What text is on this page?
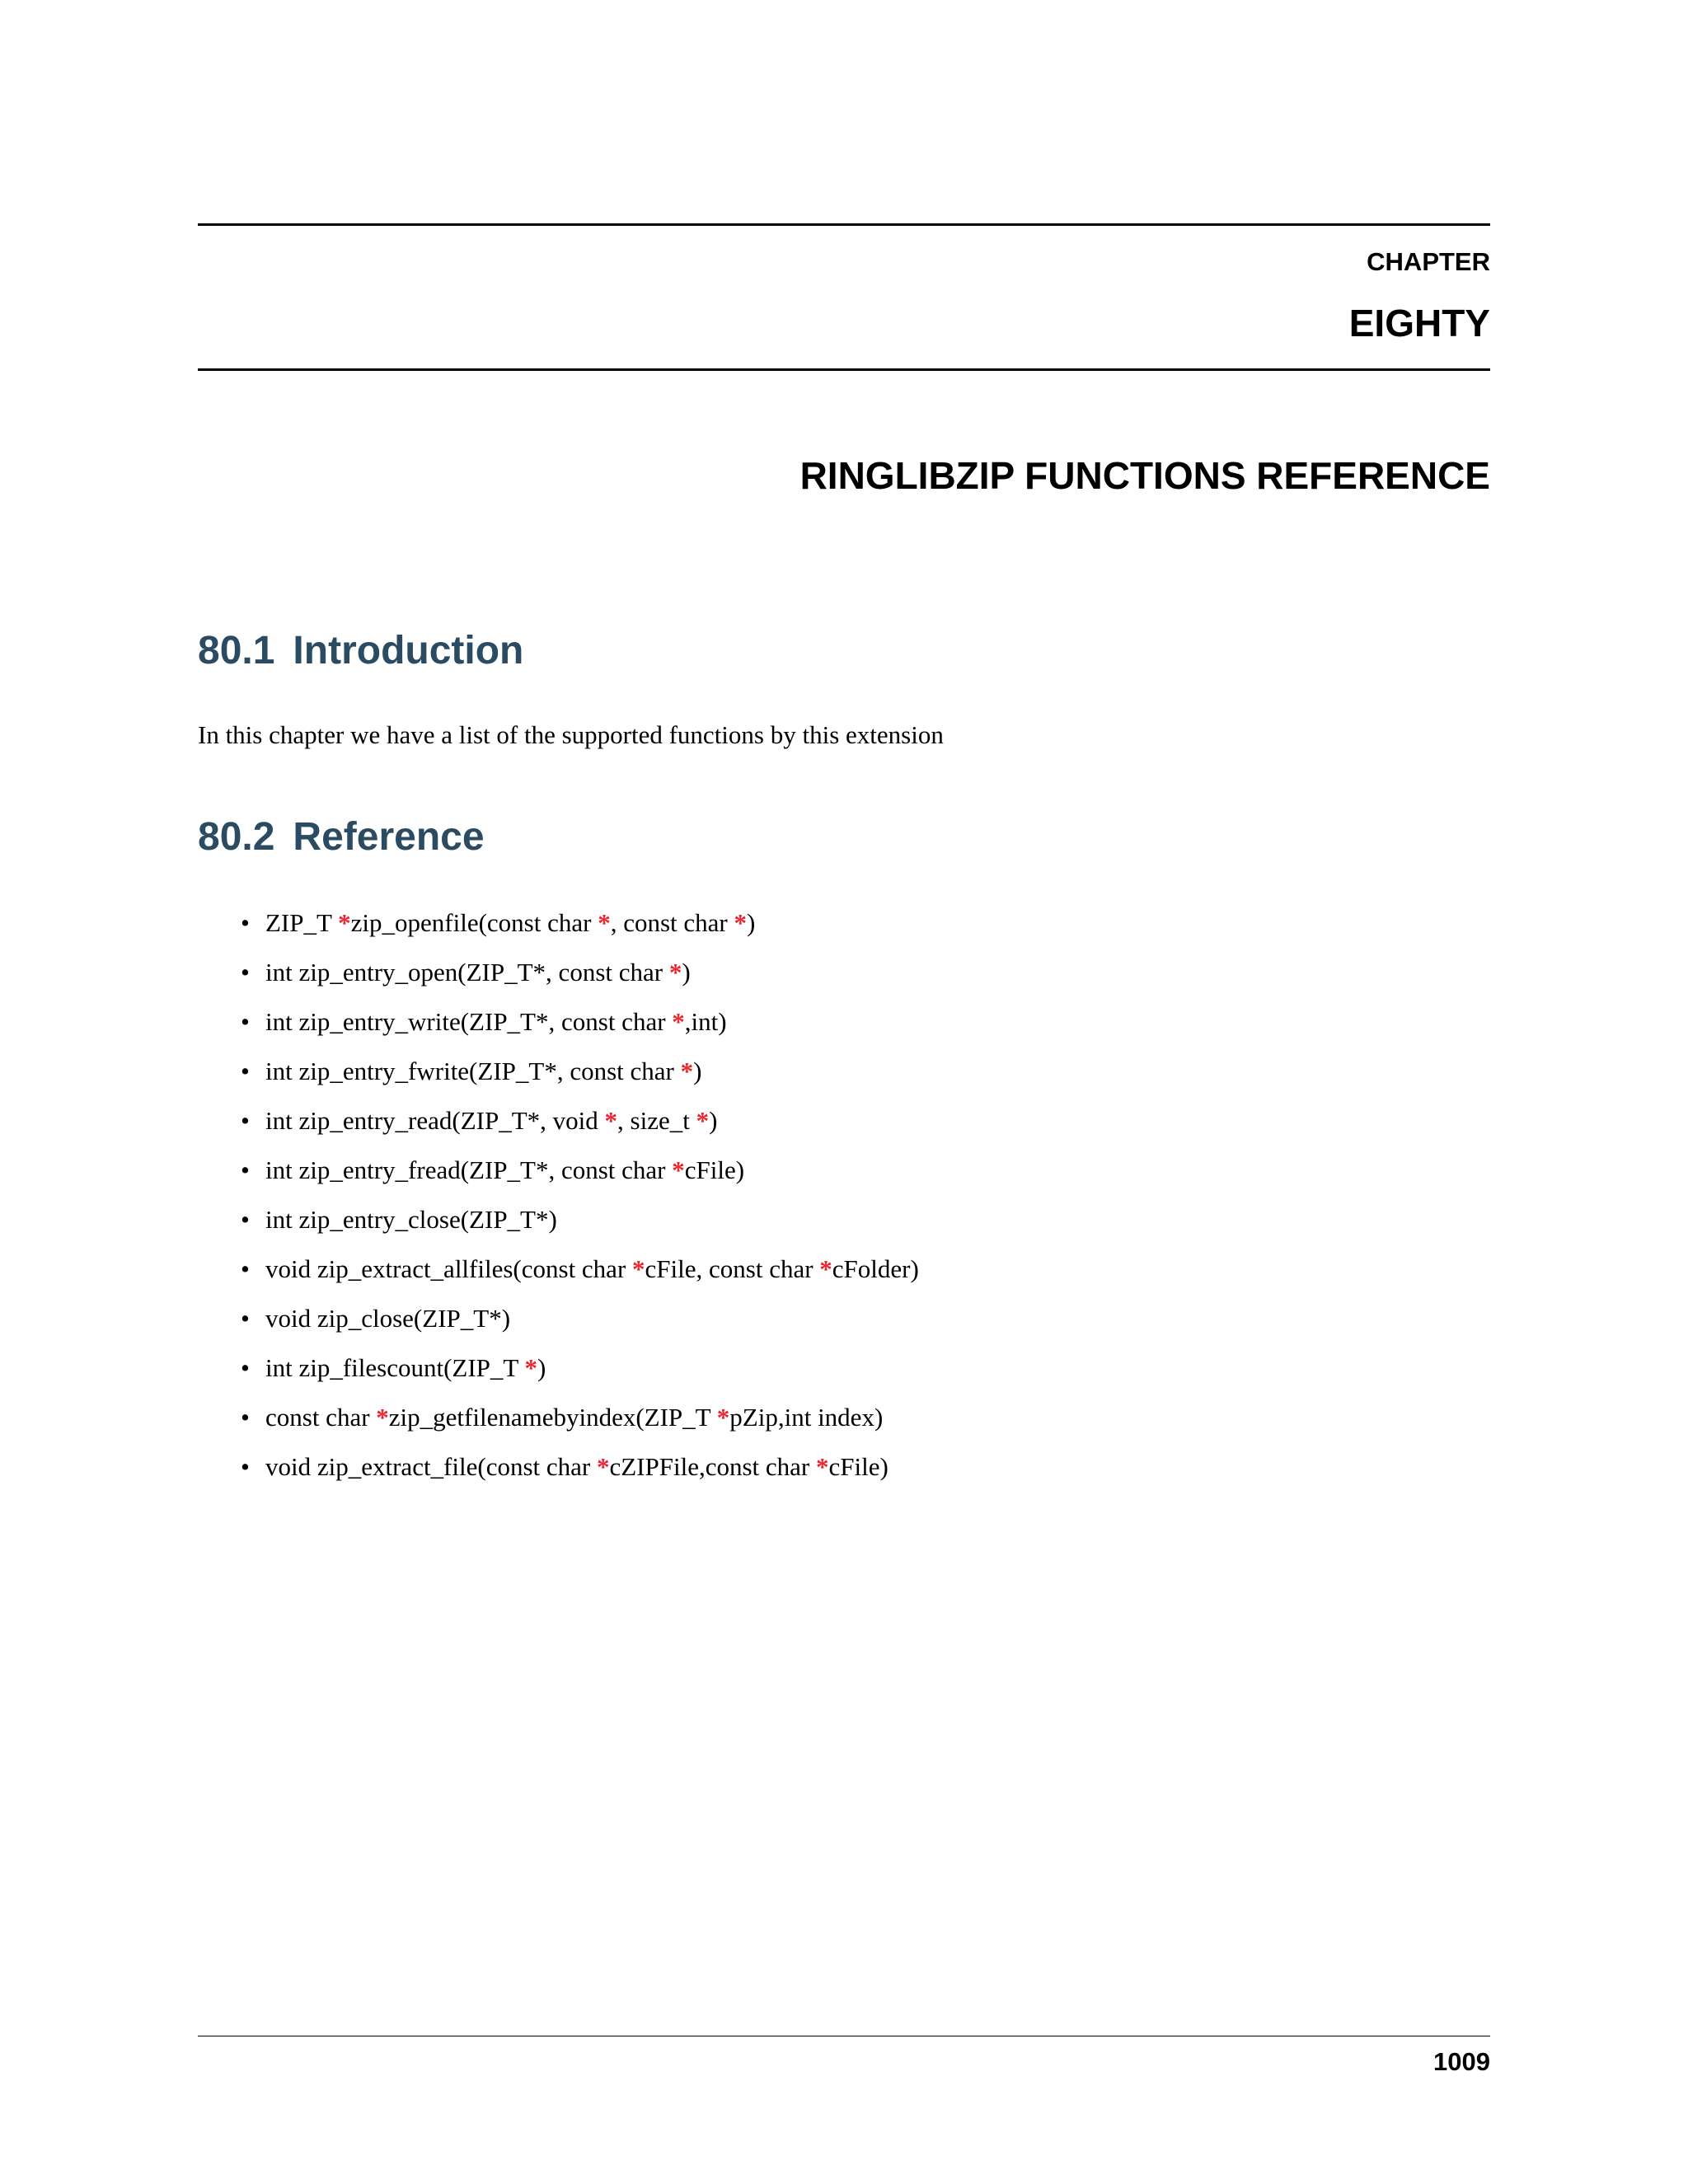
CHAPTER
EIGHTY
RINGLIBZIP FUNCTIONS REFERENCE
80.1 Introduction
In this chapter we have a list of the supported functions by this extension
80.2 Reference
• ZIP_T *zip_openfile(const char *, const char *)
• int zip_entry_open(ZIP_T*, const char *)
• int zip_entry_write(ZIP_T*, const char *,int)
• int zip_entry_fwrite(ZIP_T*, const char *)
• int zip_entry_read(ZIP_T*, void *, size_t *)
• int zip_entry_fread(ZIP_T*, const char *cFile)
• int zip_entry_close(ZIP_T*)
• void zip_extract_allfiles(const char *cFile, const char *cFolder)
• void zip_close(ZIP_T*)
• int zip_filescount(ZIP_T *)
• const char *zip_getfilenamebyindex(ZIP_T *pZip,int index)
• void zip_extract_file(const char *cZIPFile,const char *cFile)
1009
